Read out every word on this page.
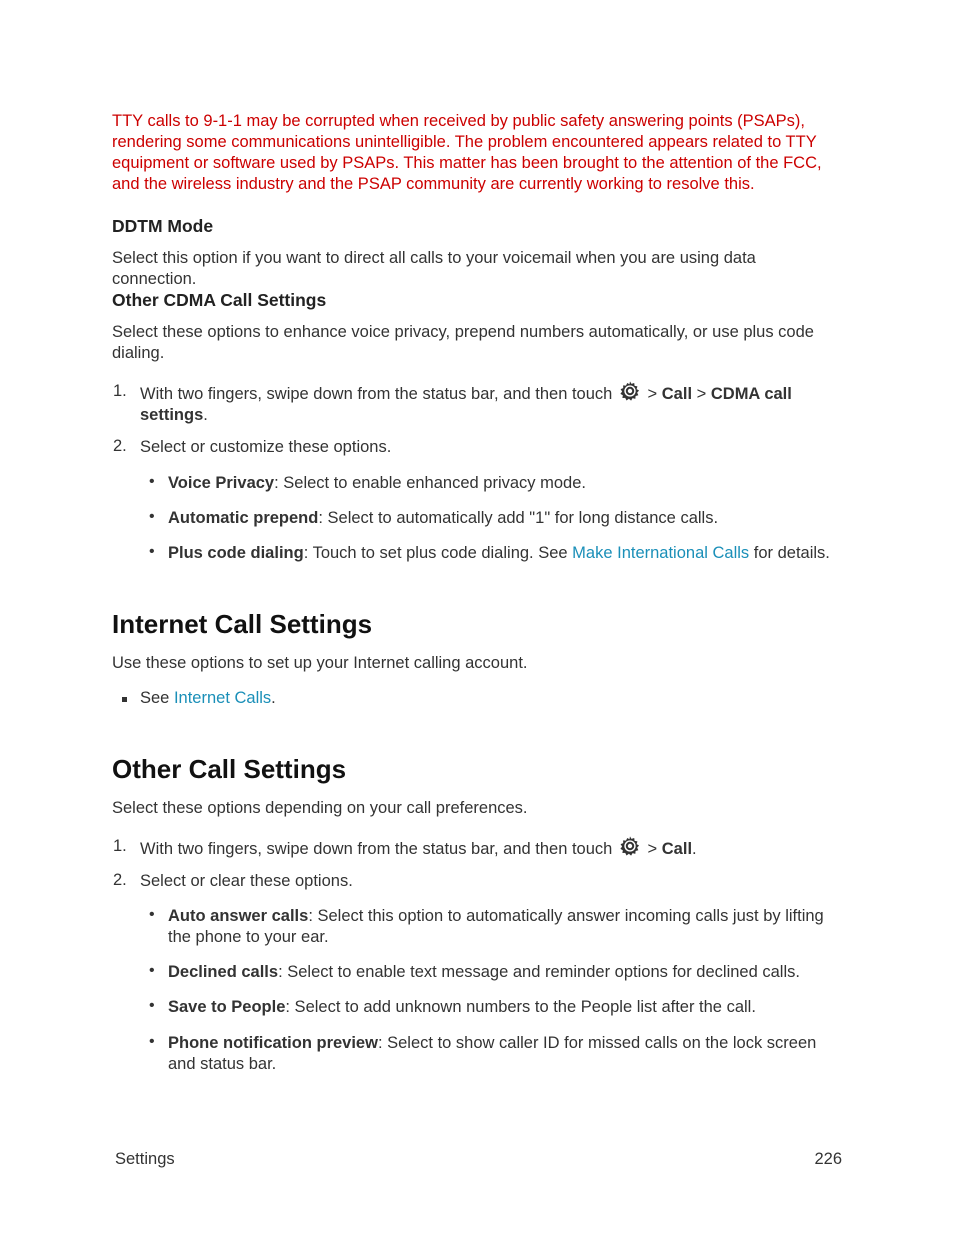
TTY calls to 9-1-1 may be corrupted when received by public safety answering points (PSAPs), rendering some communications unintelligible. The problem encountered appears related to TTY equipment or software used by PSAPs. This matter has been brought to the attention of the FCC, and the wireless industry and the PSAP community are currently working to resolve this.
DDTM Mode
Select this option if you want to direct all calls to your voicemail when you are using data connection.
Other CDMA Call Settings
Select these options to enhance voice privacy, prepend numbers automatically, or use plus code dialing.
1. With two fingers, swipe down from the status bar, and then touch > Call > CDMA call settings.
2. Select or customize these options.
• Voice Privacy: Select to enable enhanced privacy mode.
• Automatic prepend: Select to automatically add "1" for long distance calls.
• Plus code dialing: Touch to set plus code dialing. See Make International Calls for details.
Internet Call Settings
Use these options to set up your Internet calling account.
See Internet Calls.
Other Call Settings
Select these options depending on your call preferences.
1. With two fingers, swipe down from the status bar, and then touch > Call.
2. Select or clear these options.
• Auto answer calls: Select this option to automatically answer incoming calls just by lifting the phone to your ear.
• Declined calls: Select to enable text message and reminder options for declined calls.
• Save to People: Select to add unknown numbers to the People list after the call.
• Phone notification preview: Select to show caller ID for missed calls on the lock screen and status bar.
Settings	226
